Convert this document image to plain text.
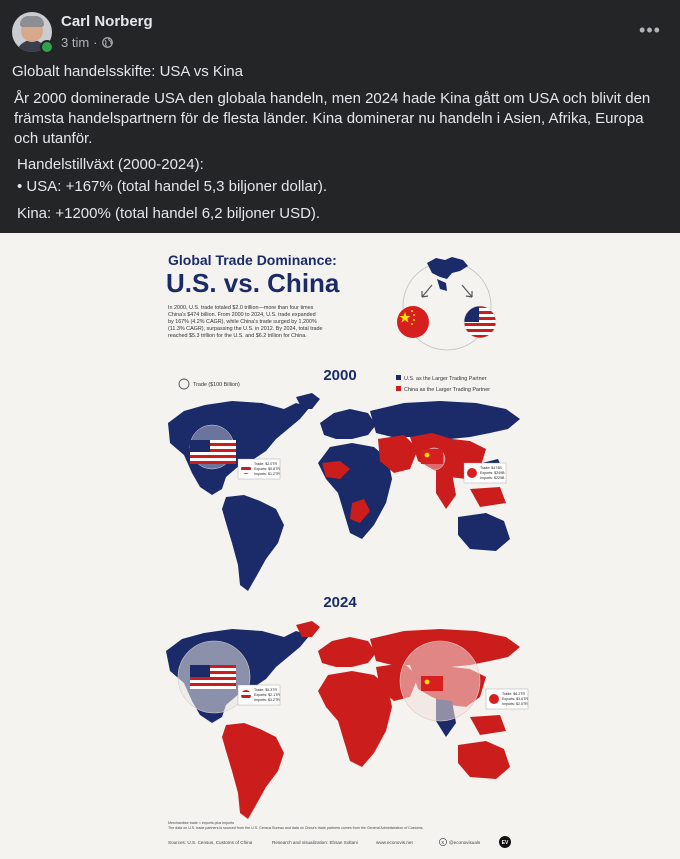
Carl Norberg
3 tim ·
•••

Globalt handelsskifte: USA vs Kina

År 2000 dominerade USA den globala handeln, men 2024 hade Kina gått om USA och blivit den främsta handelspartnern för de flesta länder. Kina dominerar nu handeln i Asien, Afrika, Europa och utanför.

Handelstillväxt (2000-2024):

• USA: +167% (total handel 5,3 biljoner dollar).

Kina: +1200% (total handel 6,2 biljoner USD).

Global Trade Dominance:
U.S. vs. China
In 2000, U.S. trade totaled $2.0 trillion—more than four times
China's $474 billion. From 2000 to 2024, U.S. trade expanded
by 167% (4.2% CAGR), while China's trade surged by 1,200%
(11.3% CAGR), surpassing the U.S. in 2012. By 2024, total trade
reached $5.3 trillion for the U.S. and $6.2 trillion for China.
Trade ($100 Billion)
U.S. as the Larger Trading Partner
China as the Larger Trading Partner
2000
Trade: $2.0TR
Exports: $0.8TR
Imports: $1.2TR
Trade: $474B
Exports: $249B
Imports: $225B
2024
Trade: $5.3TR
Exports: $2.1TR
Imports: $3.2TR
Trade: $6.2TR
Exports: $3.6TR
Imports: $2.6TR
Merchandise trade = exports plus imports
The data on U.S. trade partners is sourced from the U.S. Census Bureau and data on China's trade partners comes from the General Administration of Customs.
Sources: U.S. Census, Customs of China	Research and visualization: Ehsan Soltani	www.econovis.net	X @econovisuals	EV
